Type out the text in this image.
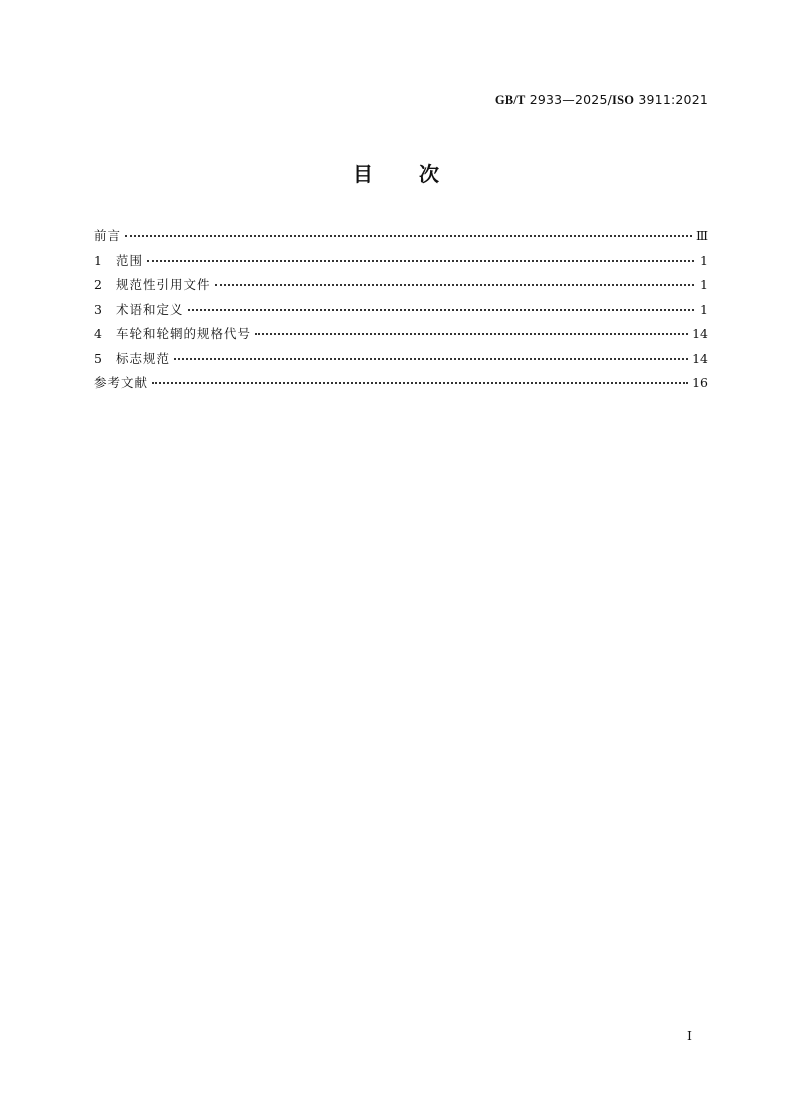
GB/T 2933—2025/ISO 3911:2021
目 次
前言	Ⅲ
1	范围	1
2	规范性引用文件	1
3	术语和定义	1
4	车轮和轮辋的规格代号	14
5	标志规范	14
参考文献	16
Ⅰ
